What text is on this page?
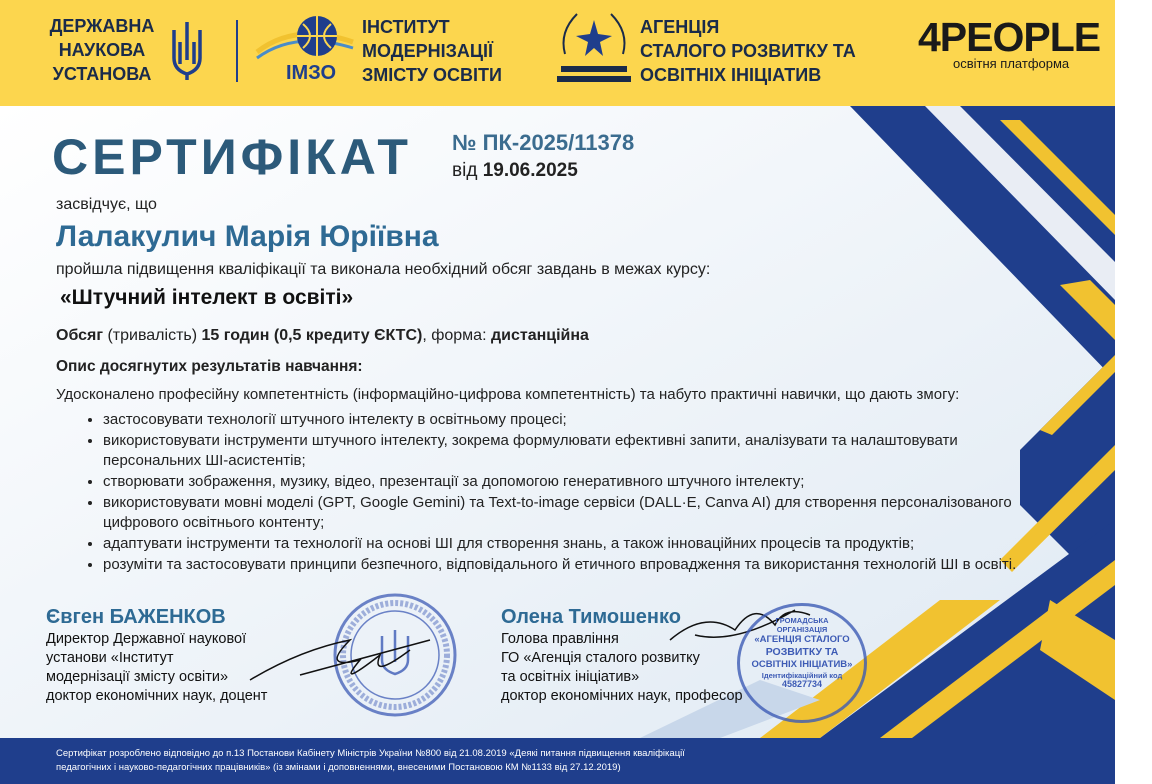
ДЕРЖАВНА
НАУКОВА
УСТАНОВА	ІМЗО
ІНСТИТУТ
МОДЕРНІЗАЦІЇ
ЗМІСТУ ОСВІТИ
АГЕНЦІЯ
СТАЛОГО РОЗВИТКУ ТА
ОСВІТНІХ ІНІЦІАТИВ
4PEOPLE
освітня платформа
СЕРТИФІКАТ № ПК-2025/11378
від 19.06.2025
засвідчує, що
Лалакулич Марія Юріївна
пройшла підвищення кваліфікації та виконала необхідний обсяг завдань в межах курсу:
«Штучний інтелект в освіті»
Обсяг (тривалість) 15 годин (0,5 кредиту ЄКТС), форма: дистанційна
Опис досягнутих результатів навчання:
Удосконалено професійну компетентність (інформаційно-цифрова компетентність) та набуто практичні навички, що дають змогу:
• застосовувати технології штучного інтелекту в освітньому процесі;
• використовувати інструменти штучного інтелекту, зокрема формулювати ефективні запити, аналізувати та налаштовувати персональних ШІ-асистентів;
• створювати зображення, музику, відео, презентації за допомогою генеративного штучного інтелекту;
• використовувати мовні моделі (GPT, Google Gemini) та Text-to-image сервіси (DALL·E, Canva AI) для створення персоналізованого цифрового освітнього контенту;
• адаптувати інструменти та технології на основі ШІ для створення знань, а також інноваційних процесів та продуктів;
• розуміти та застосовувати принципи безпечного, відповідального й етичного впровадження та використання технологій ШІ в освіті.
Євген БАЖЕНКОВ
Директор Державної наукової
установи «Інститут
модернізації змісту освіти»
доктор економічних наук, доцент
Олена Тимошенко
Голова правління
ГО «Агенція сталого розвитку
та освітніх ініціатив»
доктор економічних наук, професор
ГРОМАДСЬКА
ОРГАНІЗАЦІЯ
«АГЕНЦІЯ СТАЛОГО
РОЗВИТКУ ТА
ОСВІТНІХ ІНІЦІАТИВ»
Ідентифікаційний код
45827734
Сертифікат розроблено відповідно до п.13 Постанови Кабінету Міністрів України №800 від 21.08.2019 «Деякі питання підвищення кваліфікації
педагогічних і науково-педагогічних працівників» (із змінами і доповненнями, внесеними Постановою КМ №1133 від 27.12.2019)
